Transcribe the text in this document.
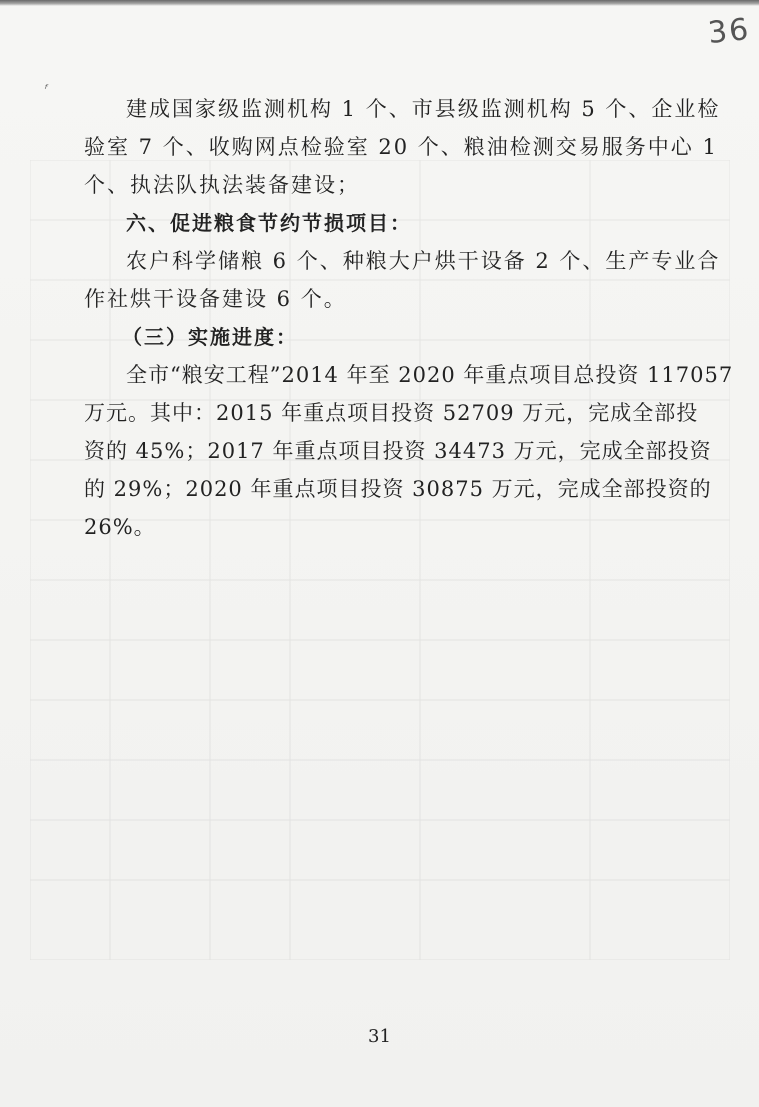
36
ᶠ
建成国家级监测机构 1 个、市县级监测机构 5 个、企业检
验室 7 个、收购网点检验室 20 个、粮油检测交易服务中心 1
个、执法队执法装备建设；
六、促进粮食节约节损项目：
农户科学储粮 6 个、种粮大户烘干设备 2 个、生产专业合
作社烘干设备建设 6 个。
（三）实施进度：
全市“粮安工程”2014 年至 2020 年重点项目总投资 117057
万元。其中：2015 年重点项目投资 52709 万元，完成全部投
资的 45%；2017 年重点项目投资 34473 万元，完成全部投资
的 29%；2020 年重点项目投资 30875 万元，完成全部投资的
26%。
31
